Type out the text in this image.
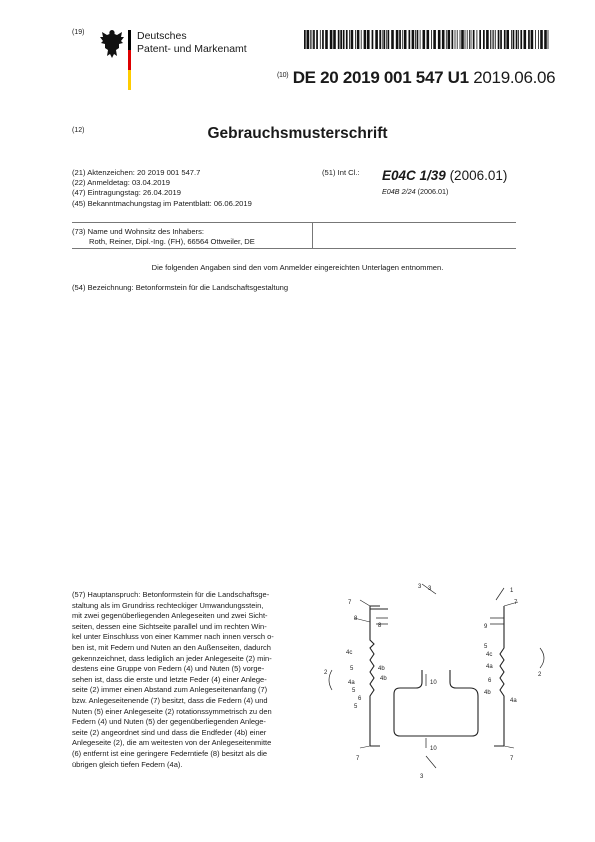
(19)	Deutsches
Patent- und Markenamt
$^{(10)}$ DE 20 2019 001 547 U1 2019.06.06
(12)	Gebrauchsmusterschrift
(21) Aktenzeichen: 20 2019 001 547.7
(22) Anmeldetag: 03.04.2019
(47) Eintragungstag: 26.04.2019
(45) Bekanntmachungstag im Patentblatt: 06.06.2019
(51) Int Cl.: E04C 1/39 (2006.01)
E04B 2/24 (2006.01)
(73) Name und Wohnsitz des Inhabers:
Roth, Reiner, Dipl.-Ing. (FH), 66564 Ottweiler, DE
Die folgenden Angaben sind den vom Anmelder eingereichten Unterlagen entnommen.
(54) Bezeichnung: Betonformstein für die Landschaftsgestaltung
(57) Hauptanspruch: Betonformstein für die Landschaftsge-
staltung als im Grundriss rechteckiger Umwandungsstein,
mit zwei gegenüberliegenden Anlegeseiten und zwei Sicht-
seiten, dessen eine Sichtseite parallel und im rechten Win-
kel unter Einschluss von einer Kammer nach innen versch o-
ben ist, mit Federn und Nuten an den Außenseiten, dadurch
gekennzeichnet, dass lediglich an jeder Anlegeseite (2) min-
destens eine Gruppe von Federn (4) und Nuten (5) vorge-
sehen ist, dass die erste und letzte Feder (4) einer Anlege-
seite (2) immer einen Abstand zum Anlegeseitenanfang (7)
bzw. Anlegeseitenende (7) besitzt, dass die Federn (4) und
Nuten (5) einer Anlegeseite (2) rotationssymmetrisch zu den
Federn (4) und Nuten (5) der gegenüberliegenden Anlege-
seite (2) angeordnet sind und dass die Endfeder (4b) einer
Anlegeseite (2), die am weitesten von der Anlegeseitenmitte
(6) entfernt ist eine geringere Federntiefe (8) besitzt als die
übrigen gleich tiefen Federn (4a).
3
1
7	7
8
8	9
2	2
4c
5
4b
4a
4a
5
6
6
4b
4c
5
5
4a
4b
3
10
10
7	7
3
